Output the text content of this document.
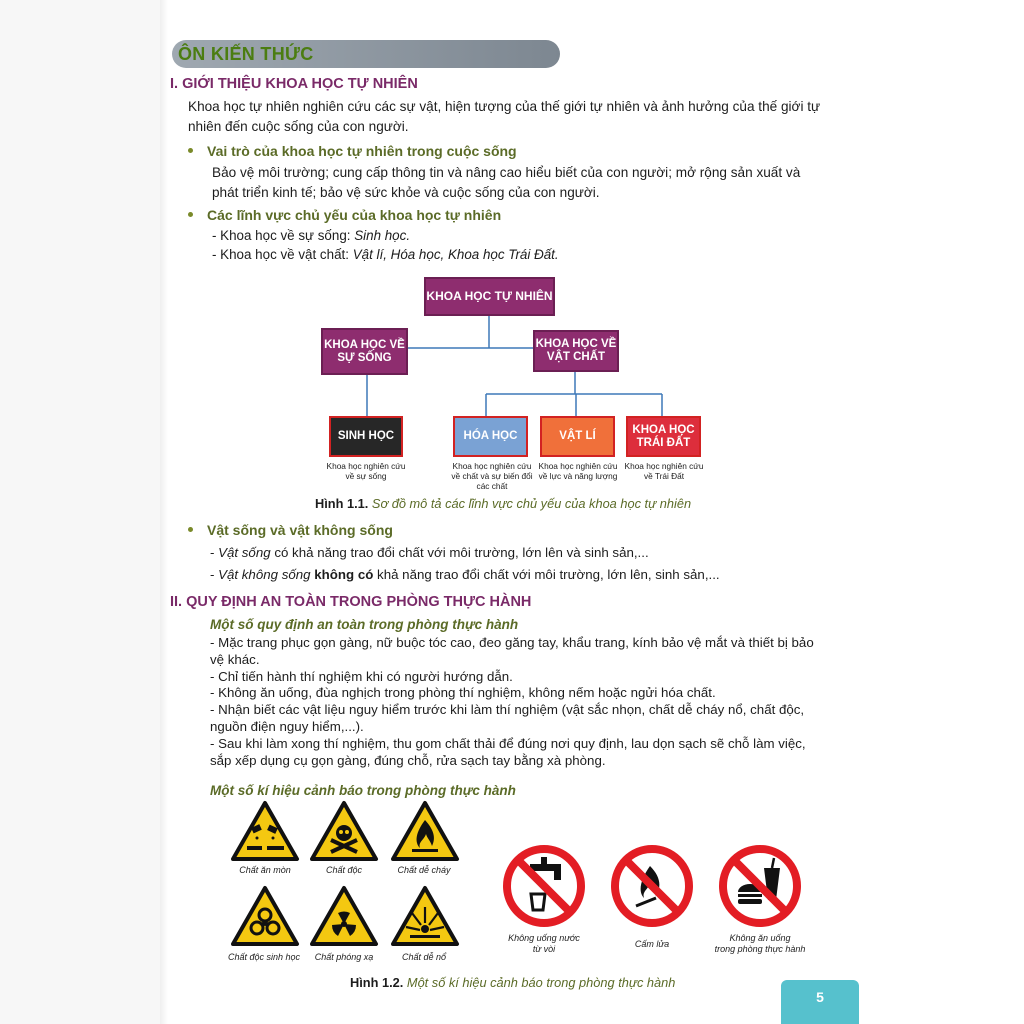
ÔN KIẾN THỨC
I. GIỚI THIỆU KHOA HỌC TỰ NHIÊN
Khoa học tự nhiên nghiên cứu các sự vật, hiện tượng của thế giới tự nhiên và ảnh hưởng của thế giới tự nhiên đến cuộc sống của con người.
Vai trò của khoa học tự nhiên trong cuộc sống
Bảo vệ môi trường; cung cấp thông tin và nâng cao hiểu biết của con người; mở rộng sản xuất và phát triển kinh tế; bảo vệ sức khỏe và cuộc sống của con người.
Các lĩnh vực chủ yếu của khoa học tự nhiên
- Khoa học về sự sống: Sinh học.
- Khoa học về vật chất: Vật lí, Hóa học, Khoa học Trái Đất.
KHOA HỌC TỰ NHIÊN
KHOA HỌC VỀ SỰ SỐNG
KHOA HỌC VỀ VẬT CHẤT
SINH HỌC	HÓA HỌC	VẬT LÍ
KHOA HỌC TRÁI ĐẤT
Khoa học nghiên cứu về sự sống
Khoa học nghiên cứu về chất và sự biến đổi các chất
Khoa học nghiên cứu về lực và năng lượng
Khoa học nghiên cứu về Trái Đất
Hình 1.1. Sơ đồ mô tả các lĩnh vực chủ yếu của khoa học tự nhiên
Vật sống và vật không sống
- Vật sống có khả năng trao đổi chất với môi trường, lớn lên và sinh sản,...
- Vật không sống không có khả năng trao đổi chất với môi trường, lớn lên, sinh sản,...
II. QUY ĐỊNH AN TOÀN TRONG PHÒNG THỰC HÀNH
Một số quy định an toàn trong phòng thực hành
- Mặc trang phục gọn gàng, nữ buộc tóc cao, đeo găng tay, khẩu trang, kính bảo vệ mắt và thiết bị bảo vệ khác.
- Chỉ tiến hành thí nghiệm khi có người hướng dẫn.
- Không ăn uống, đùa nghịch trong phòng thí nghiệm, không nếm hoặc ngửi hóa chất.
- Nhận biết các vật liệu nguy hiểm trước khi làm thí nghiệm (vật sắc nhọn, chất dễ cháy nổ, chất độc, nguồn điện nguy hiểm,...).
- Sau khi làm xong thí nghiệm, thu gom chất thải để đúng nơi quy định, lau dọn sạch sẽ chỗ làm việc, sắp xếp dụng cụ gọn gàng, đúng chỗ, rửa sạch tay bằng xà phòng.
Một số kí hiệu cảnh báo trong phòng thực hành
Chất ăn mòn	Chất độc	Chất dễ cháy
Chất độc sinh học	Chất phóng xạ	Chất dễ nổ
Không uống nước
từ vòi	Cấm lửa
Không ăn uống
trong phòng thực hành
Hình 1.2. Một số kí hiệu cảnh báo trong phòng thực hành
5
